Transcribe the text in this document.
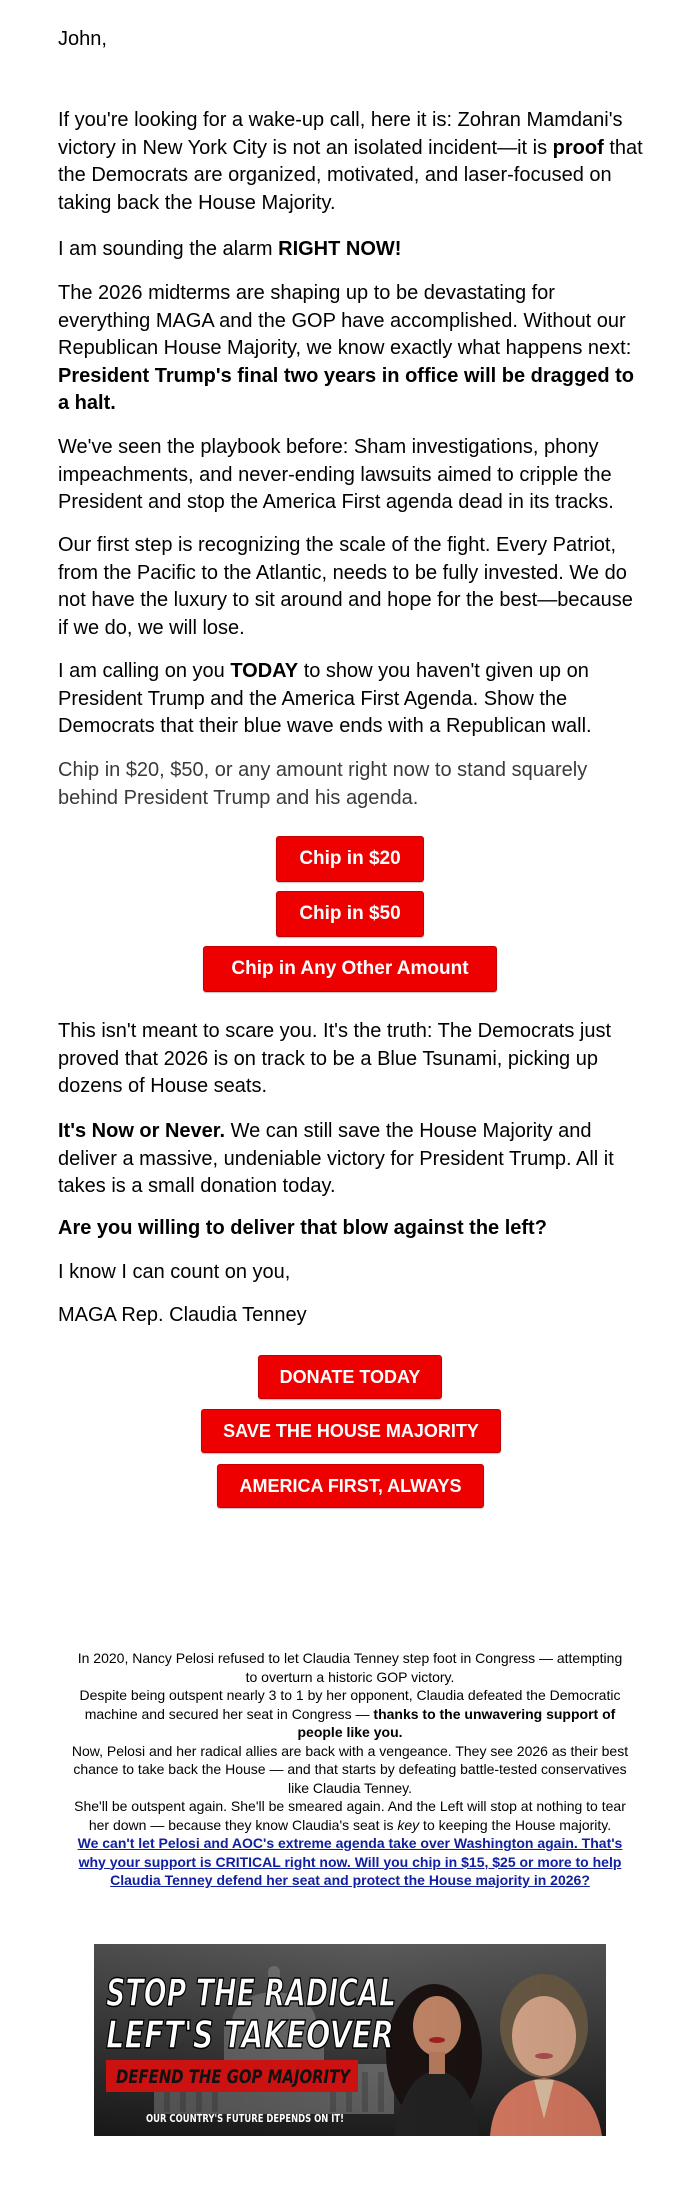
John,

If you're looking for a wake-up call, here it is: Zohran Mamdani's victory in New York City is not an isolated incident—it is proof that the Democrats are organized, motivated, and laser-focused on taking back the House Majority.

I am sounding the alarm RIGHT NOW!

The 2026 midterms are shaping up to be devastating for everything MAGA and the GOP have accomplished. Without our Republican House Majority, we know exactly what happens next: President Trump's final two years in office will be dragged to a halt.

We've seen the playbook before: Sham investigations, phony impeachments, and never-ending lawsuits aimed to cripple the President and stop the America First agenda dead in its tracks.

Our first step is recognizing the scale of the fight. Every Patriot, from the Pacific to the Atlantic, needs to be fully invested. We do not have the luxury to sit around and hope for the best—because if we do, we will lose.

I am calling on you TODAY to show you haven't given up on President Trump and the America First Agenda. Show the Democrats that their blue wave ends with a Republican wall.

Chip in $20, $50, or any amount right now to stand squarely behind President Trump and his agenda.

This isn't meant to scare you. It's the truth: The Democrats just proved that 2026 is on track to be a Blue Tsunami, picking up dozens of House seats.

It's Now or Never. We can still save the House Majority and deliver a massive, undeniable victory for President Trump. All it takes is a small donation today.

Are you willing to deliver that blow against the left?

I know I can count on you,

MAGA Rep. Claudia Tenney

Chip in $20
Chip in $50
Chip in Any Other Amount
DONATE TODAY
SAVE THE HOUSE MAJORITY
AMERICA FIRST, ALWAYS
In 2020, Nancy Pelosi refused to let Claudia Tenney step foot in Congress — attempting to overturn a historic GOP victory.
Despite being outspent nearly 3 to 1 by her opponent, Claudia defeated the Democratic machine and secured her seat in Congress — thanks to the unwavering support of people like you.
Now, Pelosi and her radical allies are back with a vengeance. They see 2026 as their best chance to take back the House — and that starts by defeating battle-tested conservatives like Claudia Tenney.
She'll be outspent again. She'll be smeared again. And the Left will stop at nothing to tear her down — because they know Claudia's seat is key to keeping the House majority.
We can't let Pelosi and AOC's extreme agenda take over Washington again. That's why your support is CRITICAL right now. Will you chip in $15, $25 or more to help Claudia Tenney defend her seat and protect the House majority in 2026?
STOP THE RADICAL
LEFT'S TAKEOVER
DEFEND THE GOP MAJORITY
OUR COUNTRY'S FUTURE DEPENDS ON IT!
